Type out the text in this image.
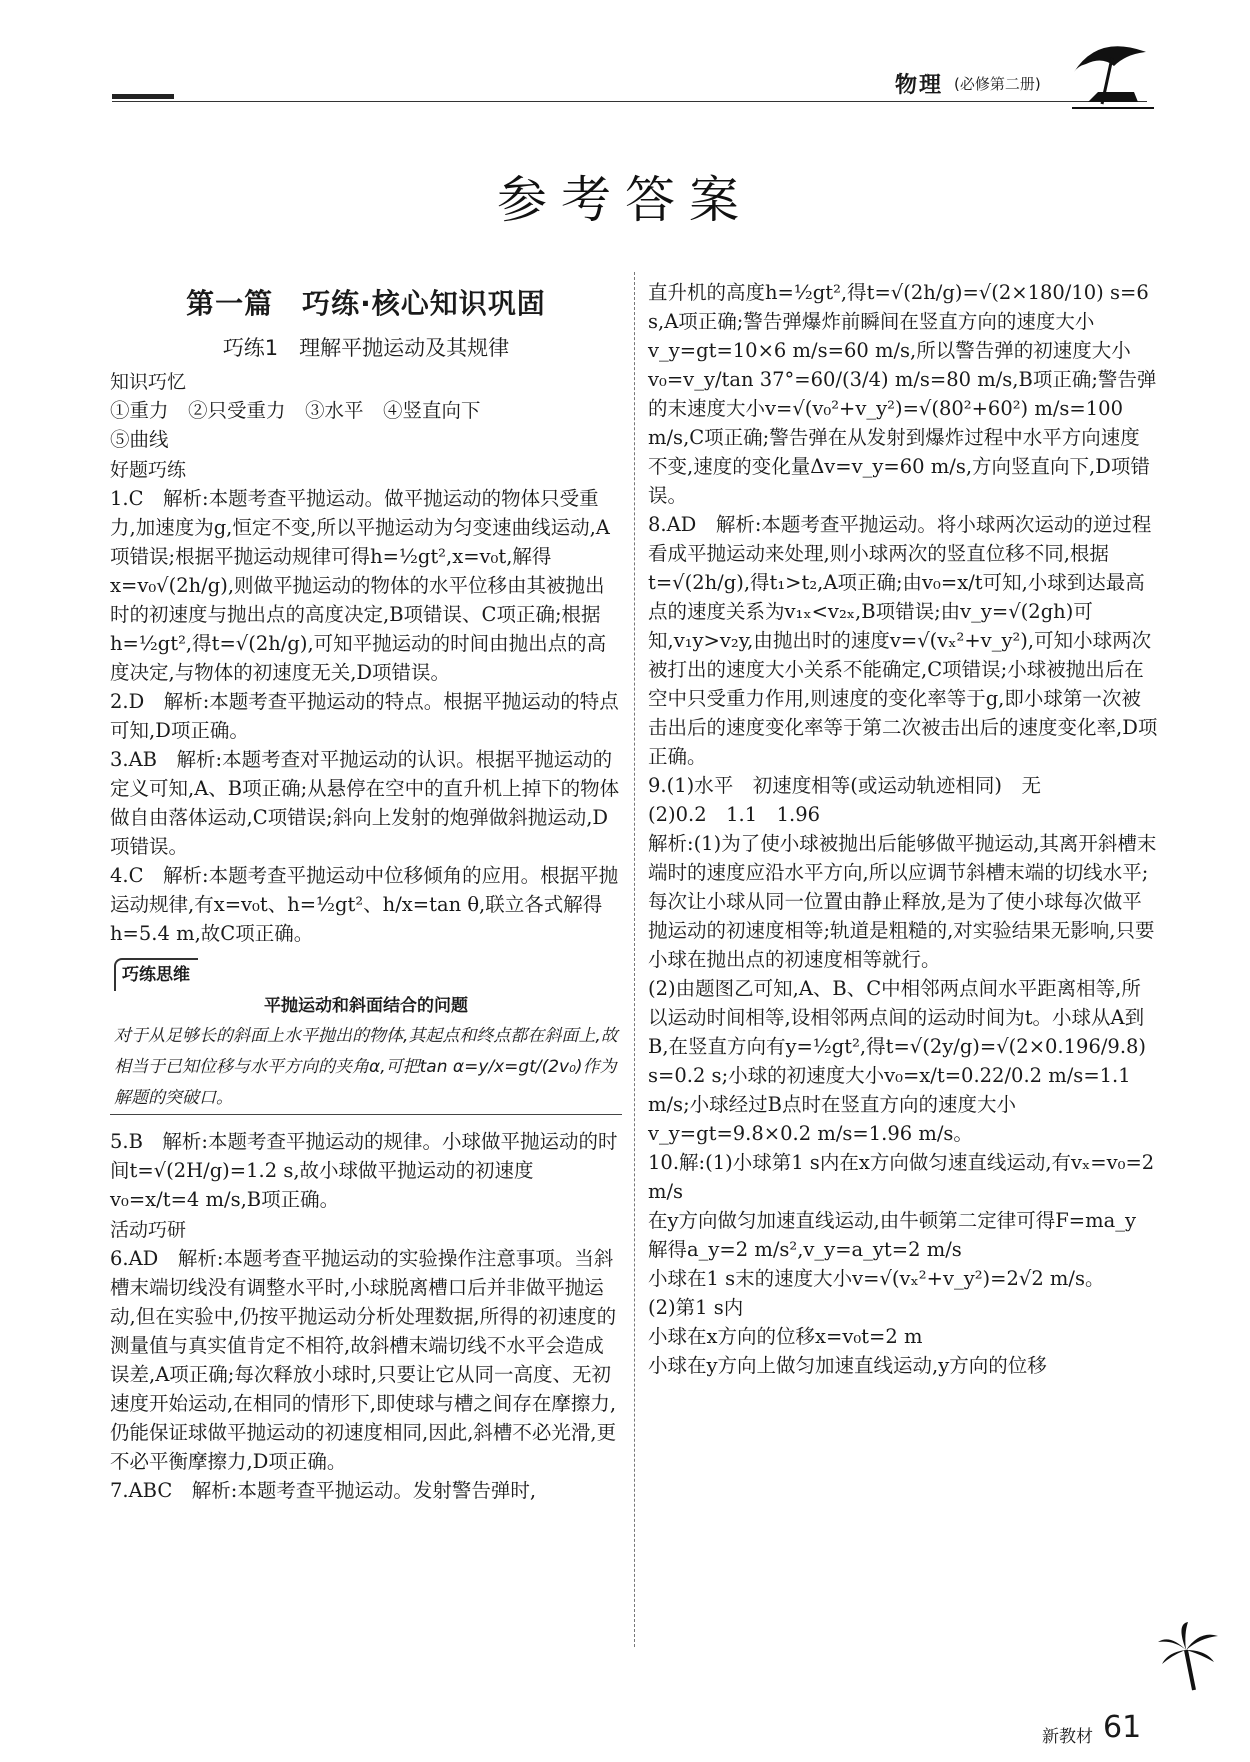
物理 (必修第二册)
参考答案
第一篇　巧练·核心知识巩固
巧练1　理解平抛运动及其规律
知识巧忆

①重力　②只受重力　③水平　④竖直向下

⑤曲线

好题巧练

1.C　解析:本题考查平抛运动。做平抛运动的物体只受重力,加速度为g,恒定不变,所以平抛运动为匀变速曲线运动,A项错误;根据平抛运动规律可得h=½gt²,x=v₀t,解得x=v₀√(2h/g),则做平抛运动的物体的水平位移由其被抛出时的初速度与抛出点的高度决定,B项错误、C项正确;根据h=½gt²,得t=√(2h/g),可知平抛运动的时间由抛出点的高度决定,与物体的初速度无关,D项错误。

2.D　解析:本题考查平抛运动的特点。根据平抛运动的特点可知,D项正确。

3.AB　解析:本题考查对平抛运动的认识。根据平抛运动的定义可知,A、B项正确;从悬停在空中的直升机上掉下的物体做自由落体运动,C项错误;斜向上发射的炮弹做斜抛运动,D项错误。

4.C　解析:本题考查平抛运动中位移倾角的应用。根据平抛运动规律,有x=v₀t、h=½gt²、h/x=tan θ,联立各式解得h=5.4 m,故C项正确。

巧练思维
平抛运动和斜面结合的问题
对于从足够长的斜面上水平抛出的物体,其起点和终点都在斜面上,故相当于已知位移与水平方向的夹角α,可把tan α=y/x=gt/(2v₀)作为解题的突破口。

5.B　解析:本题考查平抛运动的规律。小球做平抛运动的时间t=√(2H/g)=1.2 s,故小球做平抛运动的初速度v₀=x/t=4 m/s,B项正确。

活动巧研

6.AD　解析:本题考查平抛运动的实验操作注意事项。当斜槽末端切线没有调整水平时,小球脱离槽口后并非做平抛运动,但在实验中,仍按平抛运动分析处理数据,所得的初速度的测量值与真实值肯定不相符,故斜槽末端切线不水平会造成误差,A项正确;每次释放小球时,只要让它从同一高度、无初速度开始运动,在相同的情形下,即使球与槽之间存在摩擦力,仍能保证球做平抛运动的初速度相同,因此,斜槽不必光滑,更不必平衡摩擦力,D项正确。

7.ABC　解析:本题考查平抛运动。发射警告弹时,

直升机的高度h=½gt²,得t=√(2h/g)=√(2×180/10) s=6 s,A项正确;警告弹爆炸前瞬间在竖直方向的速度大小v_y=gt=10×6 m/s=60 m/s,所以警告弹的初速度大小v₀=v_y/tan 37°=60/(3/4) m/s=80 m/s,B项正确;警告弹的末速度大小v=√(v₀²+v_y²)=√(80²+60²) m/s=100 m/s,C项正确;警告弹在从发射到爆炸过程中水平方向速度不变,速度的变化量Δv=v_y=60 m/s,方向竖直向下,D项错误。

8.AD　解析:本题考查平抛运动。将小球两次运动的逆过程看成平抛运动来处理,则小球两次的竖直位移不同,根据t=√(2h/g),得t₁>t₂,A项正确;由v₀=x/t可知,小球到达最高点的速度关系为v₁ₓ<v₂ₓ,B项错误;由v_y=√(2gh)可知,v₁y>v₂y,由抛出时的速度v=√(vₓ²+v_y²),可知小球两次被打出的速度大小关系不能确定,C项错误;小球被抛出后在空中只受重力作用,则速度的变化率等于g,即小球第一次被击出后的速度变化率等于第二次被击出后的速度变化率,D项正确。

9.(1)水平　初速度相等(或运动轨迹相同)　无

(2)0.2　1.1　1.96

解析:(1)为了使小球被抛出后能够做平抛运动,其离开斜槽末端时的速度应沿水平方向,所以应调节斜槽末端的切线水平;每次让小球从同一位置由静止释放,是为了使小球每次做平抛运动的初速度相等;轨道是粗糙的,对实验结果无影响,只要小球在抛出点的初速度相等就行。

(2)由题图乙可知,A、B、C中相邻两点间水平距离相等,所以运动时间相等,设相邻两点间的运动时间为t。小球从A到B,在竖直方向有y=½gt²,得t=√(2y/g)=√(2×0.196/9.8) s=0.2 s;小球的初速度大小v₀=x/t=0.22/0.2 m/s=1.1 m/s;小球经过B点时在竖直方向的速度大小v_y=gt=9.8×0.2 m/s=1.96 m/s。

10.解:(1)小球第1 s内在x方向做匀速直线运动,有vₓ=v₀=2 m/s

在y方向做匀加速直线运动,由牛顿第二定律可得F=ma_y

解得a_y=2 m/s²,v_y=a_yt=2 m/s

小球在1 s末的速度大小v=√(vₓ²+v_y²)=2√2 m/s。

(2)第1 s内

小球在x方向的位移x=v₀t=2 m

小球在y方向上做匀加速直线运动,y方向的位移

新教材 61
